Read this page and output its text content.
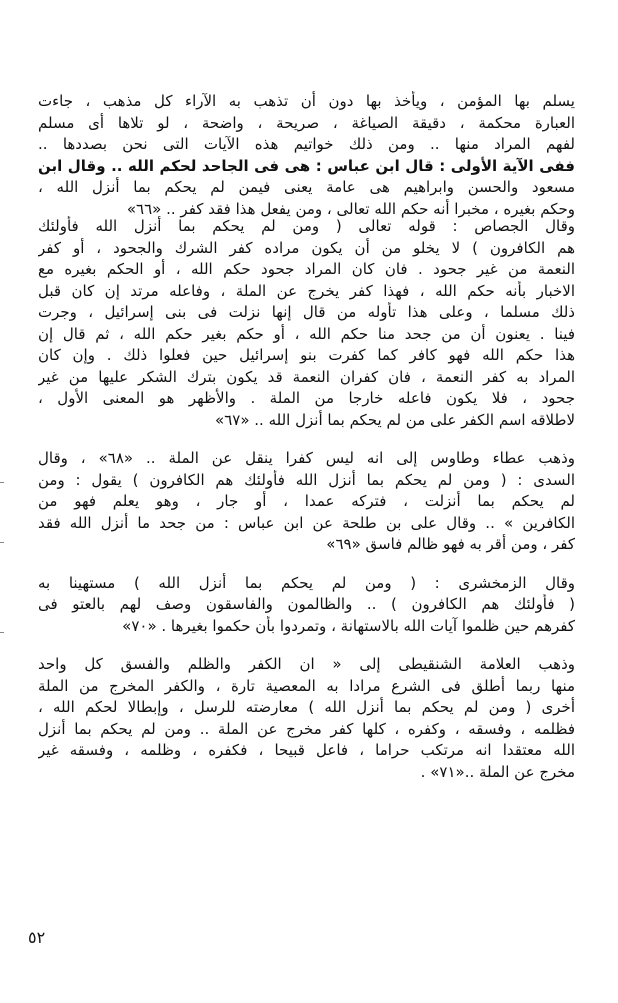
يسلم بها المؤمن ، ويأخذ بها دون أن تذهب به الآراء كل مذهب ، جاءت
العبارة محكمة ، دقيقة الصياغة ، صريحة ، واضحة ، لو تلاها أى مسلم
لفهم المراد منها .. ومن ذلك خواتيم هذه الآيات التى نحن بصددها ..
ففى الآية الأولى : قال ابن عباس : هى فى الجاحد لحكم الله .. وقال ابن
مسعود والحسن وابراهيم هى عامة يعنى فيمن لم يحكم بما أنزل الله ،
وحكم بغيره ، مخبرا أنه حكم الله تعالى ، ومن يفعل هذا فقد كفر .. «٦٦»
وقال الجصاص : قوله تعالى ( ومن لم يحكم بما أنزل الله فأولئك
هم الكافرون ) لا يخلو من أن يكون مراده كفر الشرك والجحود ، أو كفر
النعمة من غير جحود . فان كان المراد جحود حكم الله ، أو الحكم بغيره مع
الاخبار بأنه حكم الله ، فهذا كفر يخرج عن الملة ، وفاعله مرتد إن كان قبل
ذلك مسلما ، وعلى هذا تأوله من قال إنها نزلت فى بنى إسرائيل ، وجرت
فينا . يعنون أن من جحد منا حكم الله ، أو حكم بغير حكم الله ، ثم قال إن
هذا حكم الله فهو كافر كما كفرت بنو إسرائيل حين فعلوا ذلك . وإن كان
المراد به كفر النعمة ، فان كفران النعمة قد يكون بترك الشكر عليها من غير
جحود ، فلا يكون فاعله خارجا من الملة . والأظهر هو المعنى الأول ،
لاطلاقه اسم الكفر على من لم يحكم بما أنزل الله .. «٦٧»
وذهب عطاء وطاوس إلى انه ليس كفرا ينقل عن الملة .. «٦٨» ، وقال
السدى : ( ومن لم يحكم بما أنزل الله فأولئك هم الكافرون ) يقول : ومن
لم يحكم بما أنزلت ، فتركه عمدا ، أو جار ، وهو يعلم فهو من
الكافرين » .. وقال على بن طلحة عن ابن عباس : من جحد ما أنزل الله فقد
كفر ، ومن أقر به فهو ظالم فاسق «٦٩»
وقال الزمخشرى : ( ومن لم يحكم بما أنزل الله ) مستهينا به
( فأولئك هم الكافرون ) .. والظالمون والفاسقون وصف لهم بالعتو فى
كفرهم حين ظلموا آيات الله بالاستهانة ، وتمردوا بأن حكموا بغيرها . «٧٠»
وذهب العلامة الشنقيطى إلى « ان الكفر والظلم والفسق كل واحد
منها ربما أطلق فى الشرع مرادا به المعصية تارة ، والكفر المخرج من الملة
أخرى ( ومن لم يحكم بما أنزل الله ) معارضته للرسل ، وإبطالا لحكم الله ،
فظلمه ، وفسقه ، وكفره ، كلها كفر مخرج عن الملة .. ومن لم يحكم بما أنزل
الله معتقدا انه مرتكب حراما ، فاعل قبيحا ، فكفره ، وظلمه ، وفسقه غير
مخرج عن الملة ..«٧١» .
٥٢
